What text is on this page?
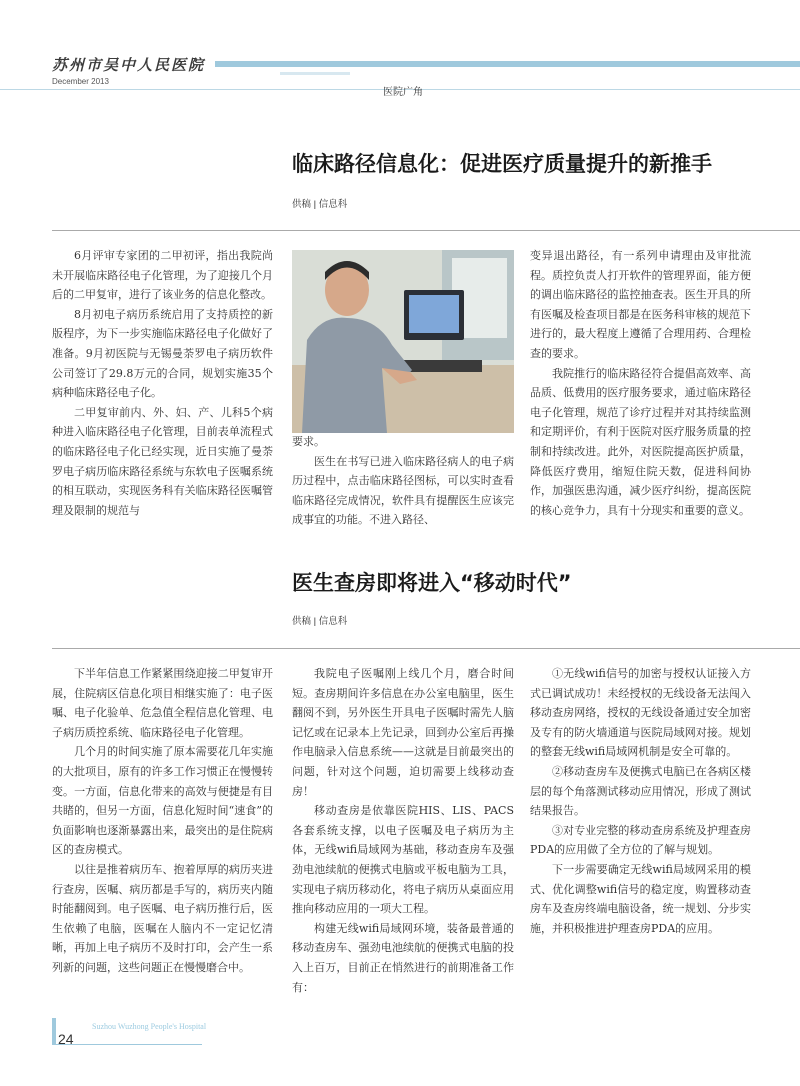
苏州市吴中人民医院
December 2013
医院广角
临床路径信息化：促进医疗质量提升的新推手
供稿 | 信息科

6月评审专家团的二甲初评，指出我院尚未开展临床路径电子化管理，为了迎接几个月后的二甲复审，进行了该业务的信息化整改。

8月初电子病历系统启用了支持质控的新版程序，为下一步实施临床路径电子化做好了准备。9月初医院与无锡曼荼罗电子病历软件公司签订了29.8万元的合同，规划实施35个病种临床路径电子化。

二甲复审前内、外、妇、产、儿科5个病种进入临床路径电子化管理，目前表单流程式的临床路径电子化已经实现，近日实施了曼荼罗电子病历临床路径系统与东软电子医嘱系统的相互联动，实现医务科有关临床路径医嘱管理及限制的规范与

要求。

医生在书写已进入临床路径病人的电子病历过程中，点击临床路径图标，可以实时查看临床路径完成情况，软件具有提醒医生应该完成事宜的功能。不进入路径、

变异退出路径，有一系列申请理由及审批流程。质控负责人打开软件的管理界面，能方便的调出临床路径的监控抽查表。医生开具的所有医嘱及检查项目都是在医务科审核的规范下进行的，最大程度上遵循了合理用药、合理检查的要求。

我院推行的临床路径符合提倡高效率、高品质、低费用的医疗服务要求，通过临床路径电子化管理，规范了诊疗过程并对其持续监测和定期评价，有利于医院对医疗服务质量的控制和持续改进。此外，对医院提高医护质量，降低医疗费用，缩短住院天数，促进科间协作，加强医患沟通，减少医疗纠纷，提高医院的核心竞争力，具有十分现实和重要的意义。

医生查房即将进入“移动时代”
供稿 | 信息科

下半年信息工作紧紧围绕迎接二甲复审开展，住院病区信息化项目相继实施了：电子医嘱、电子化验单、危急值全程信息化管理、电子病历质控系统、临床路径电子化管理。

几个月的时间实施了原本需要花几年实施的大批项目，原有的许多工作习惯正在慢慢转变。一方面，信息化带来的高效与便捷是有目共睹的，但另一方面，信息化短时间“速食”的负面影响也逐渐暴露出来，最突出的是住院病区的查房模式。

以往是推着病历车、抱着厚厚的病历夹进行查房，医嘱、病历都是手写的，病历夹内随时能翻阅到。电子医嘱、电子病历推行后，医生依赖了电脑，医嘱在人脑内不一定记忆清晰，再加上电子病历不及时打印，会产生一系列新的问题，这些问题正在慢慢磨合中。

我院电子医嘱刚上线几个月，磨合时间短。查房期间许多信息在办公室电脑里，医生翻阅不到，另外医生开具电子医嘱时需先人脑记忆或在记录本上先记录，回到办公室后再操作电脑录入信息系统——这就是目前最突出的问题，针对这个问题，迫切需要上线移动查房！

移动查房是依靠医院HIS、LIS、PACS各套系统支撑，以电子医嘱及电子病历为主体，无线wifi局域网为基础，移动查房车及强劲电池续航的便携式电脑或平板电脑为工具，实现电子病历移动化，将电子病历从桌面应用推向移动应用的一项大工程。

构建无线wifi局域网环境，装备最普通的移动查房车、强劲电池续航的便携式电脑的投入上百万，目前正在悄然进行的前期准备工作有：

①无线wifi信号的加密与授权认证接入方式已调试成功！未经授权的无线设备无法闯入移动查房网络，授权的无线设备通过安全加密及专有的防火墙通道与医院局域网对接。规划的整套无线wifi局域网机制是安全可靠的。

②移动查房车及便携式电脑已在各病区楼层的每个角落测试移动应用情况，形成了测试结果报告。

③对专业完整的移动查房系统及护理查房PDA的应用做了全方位的了解与规划。

下一步需要确定无线wifi局域网采用的模式、优化调整wifi信号的稳定度，购置移动查房车及查房终端电脑设备，统一规划、分步实施，并积极推进护理查房PDA的应用。

24
Suzhou Wuzhong People's Hospital
